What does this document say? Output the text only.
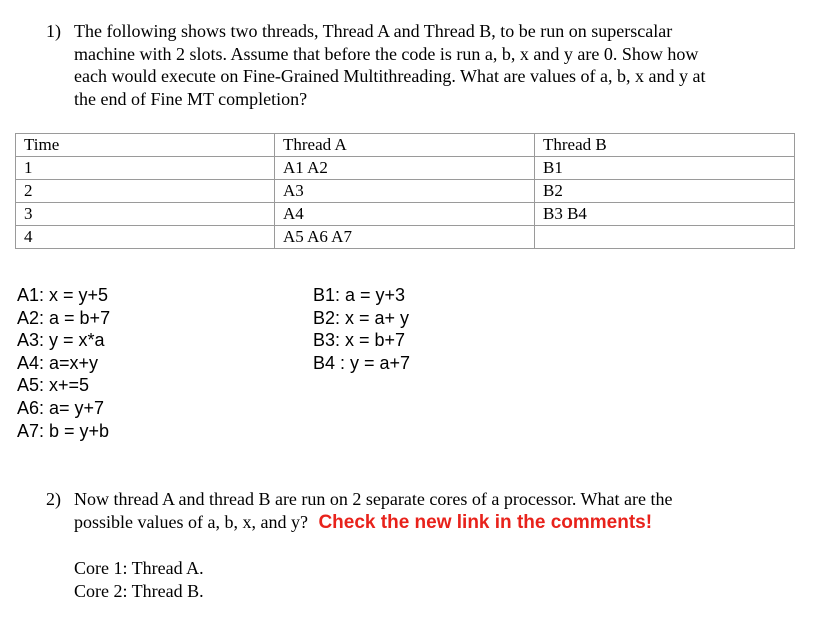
1) The following shows two threads, Thread A and Thread B, to be run on superscalar
machine with 2 slots. Assume that before the code is run a, b, x and y are 0. Show how
each would execute on Fine-Grained Multithreading. What are values of a, b, x and y at
the end of Fine MT completion?
Time	Thread A	Thread B
1	A1 A2	B1
2	A3	B2
3	A4	B3 B4
4	A5 A6 A7	
A1: x = y+5
A2: a = b+7
A3: y = x*a
A4: a=x+y
A5: x+=5
A6: a= y+7
A7: b = y+b
B1: a = y+3
B2: x = a+ y
B3: x = b+7
B4 : y = a+7
2) Now thread A and thread B are run on 2 separate cores of a processor. What are the
possible values of a, b, x, and y? Check the new link in the comments!
Core 1: Thread A.
Core 2: Thread B.
